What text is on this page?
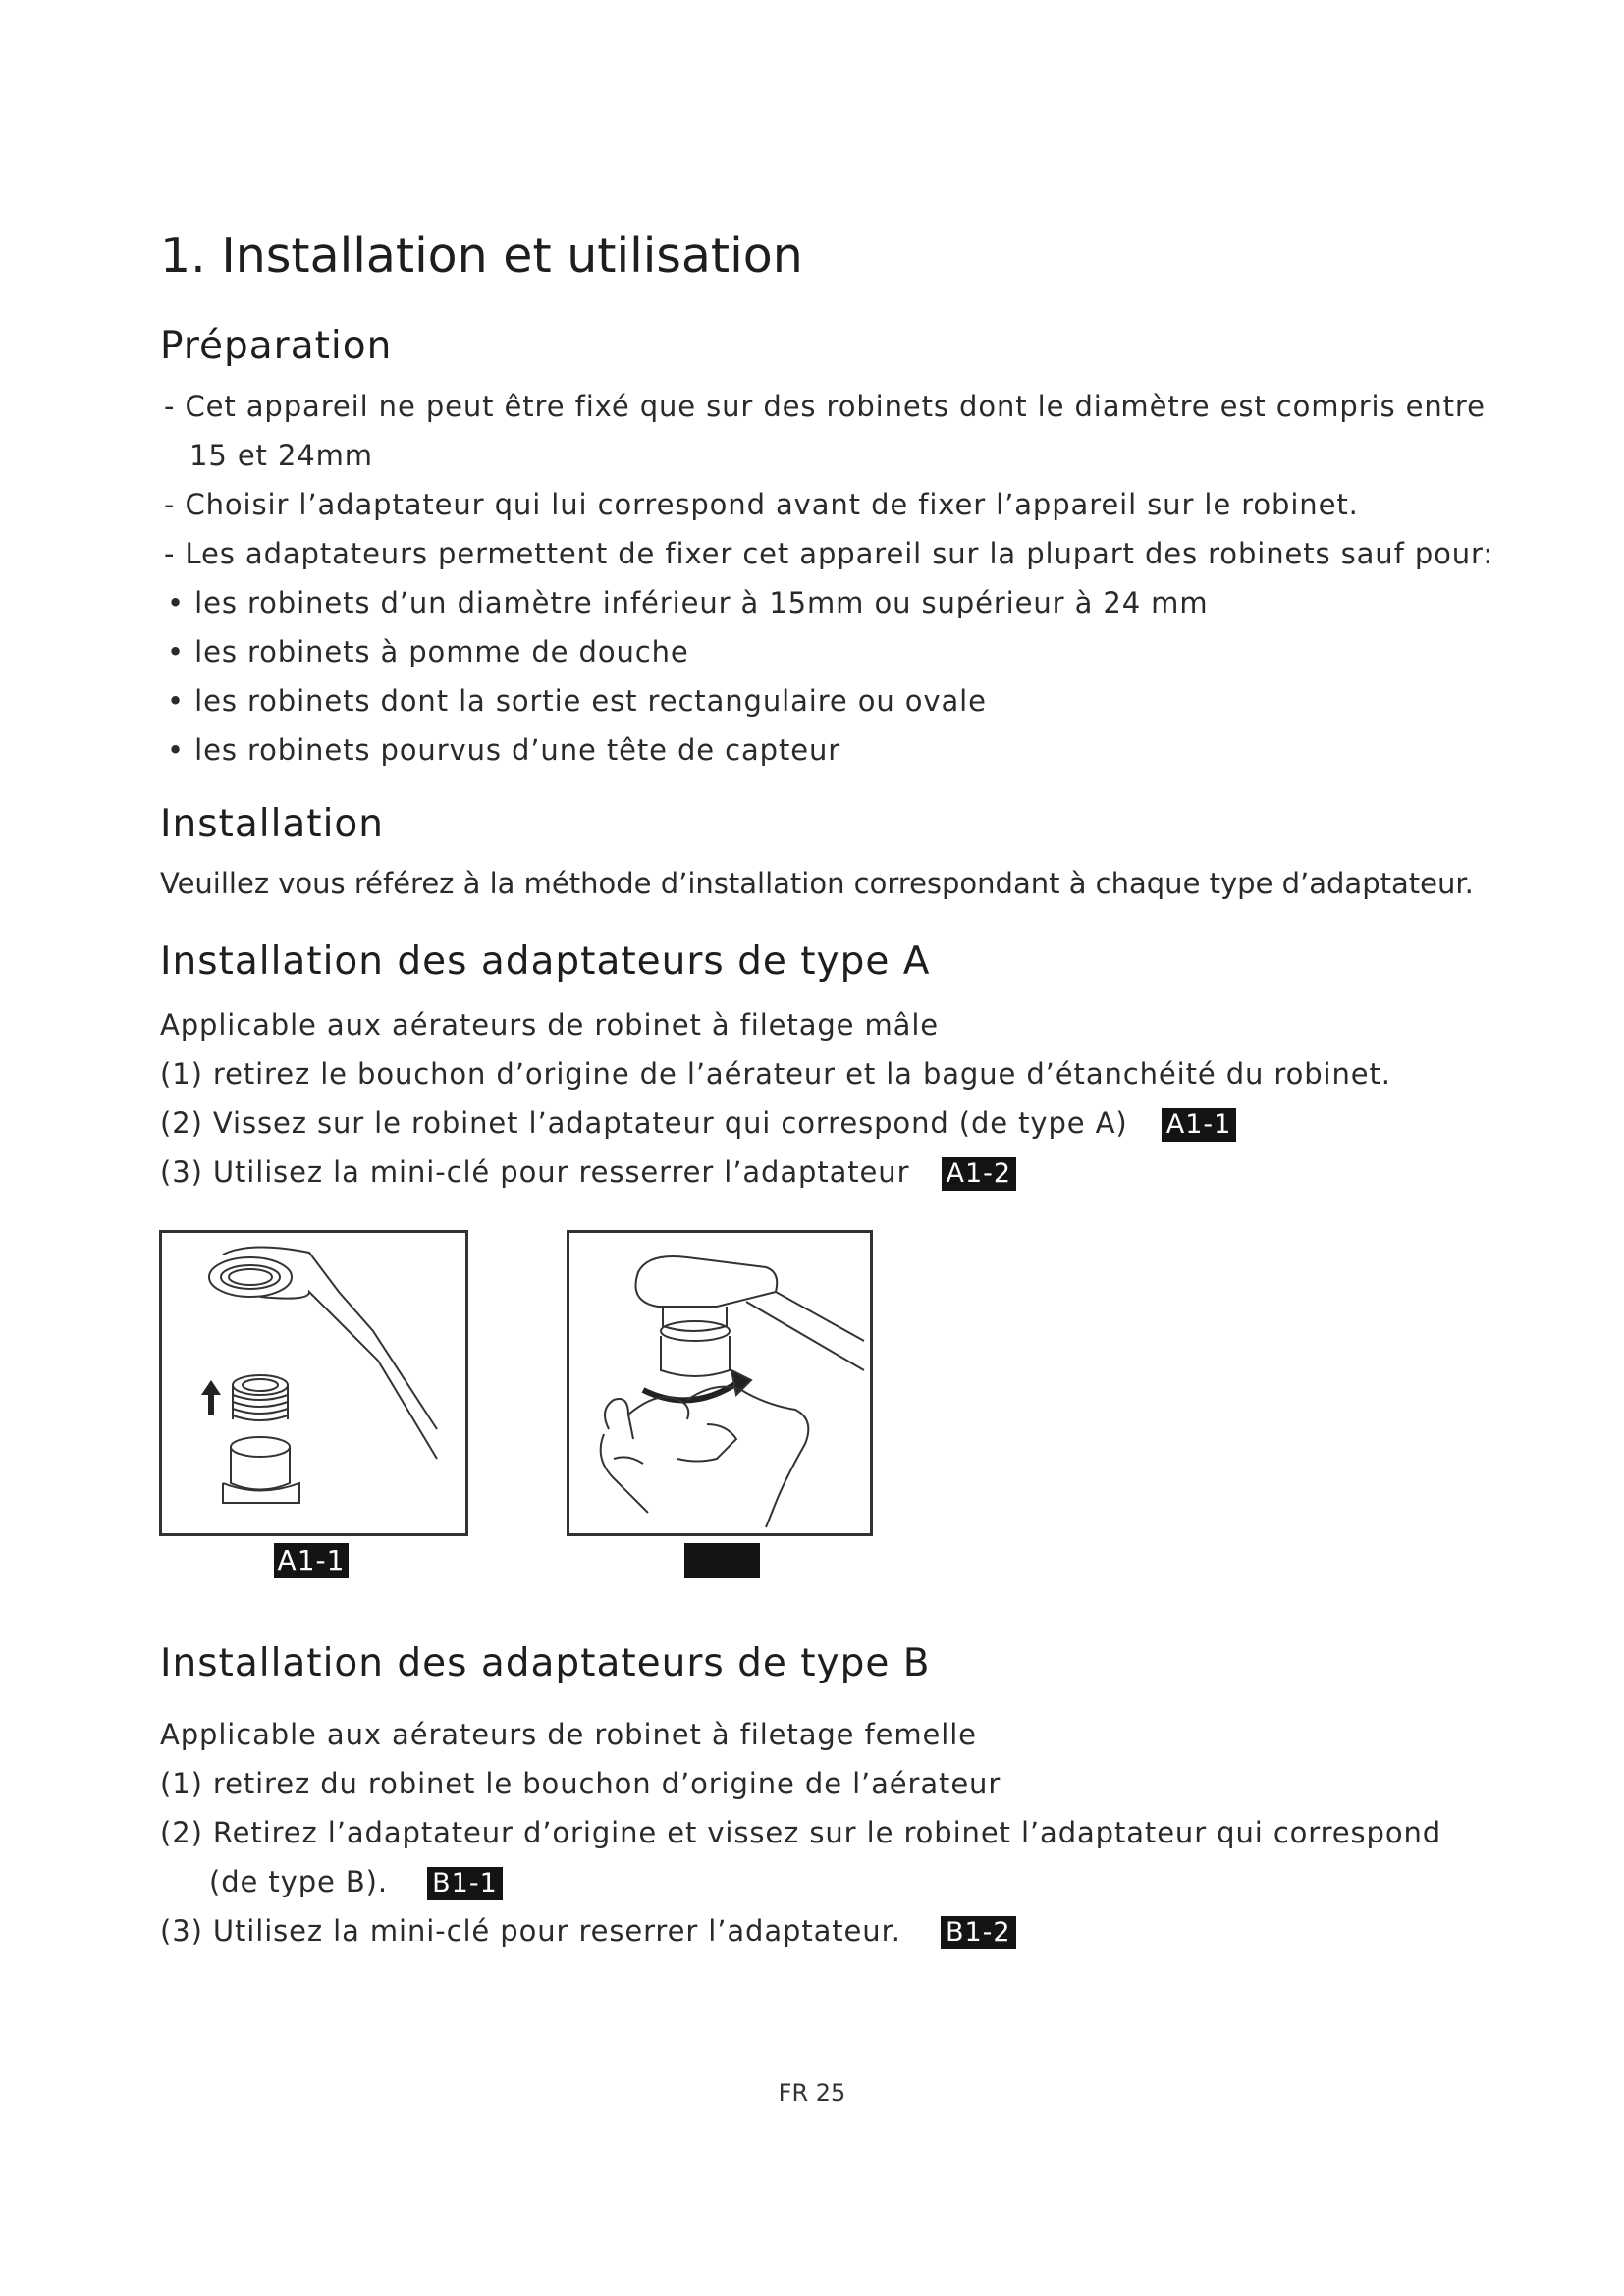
1. Installation et utilisation
Préparation
- Cet appareil ne peut être fixé que sur des robinets dont le diamètre est compris entre
15 et 24mm
- Choisir l’adaptateur qui lui correspond avant de fixer l’appareil sur le robinet.
- Les adaptateurs permettent de fixer cet appareil sur la plupart des robinets sauf pour:
• les robinets d’un diamètre inférieur à 15mm ou supérieur à 24 mm
• les robinets à pomme de douche
• les robinets dont la sortie est rectangulaire ou ovale
• les robinets pourvus d’une tête de capteur
Installation
Veuillez vous référez à la méthode d’installation correspondant à chaque type d’adaptateur.
Installation des adaptateurs de type A
Applicable aux aérateurs de robinet à filetage mâle
(1) retirez le bouchon d’origine de l’aérateur et la bague d’étanchéité du robinet.
(2) Vissez sur le robinet l’adaptateur qui correspond (de type A) A1-1
(3) Utilisez la mini-clé pour resserrer l’adaptateur A1-2
A1-1
Installation des adaptateurs de type B
Applicable aux aérateurs de robinet à filetage femelle
(1) retirez du robinet le bouchon d’origine de l’aérateur
(2) Retirez l’adaptateur d’origine et vissez sur le robinet l’adaptateur qui correspond
(de type B). B1-1
(3) Utilisez la mini-clé pour reserrer l’adaptateur. B1-2
FR 25
